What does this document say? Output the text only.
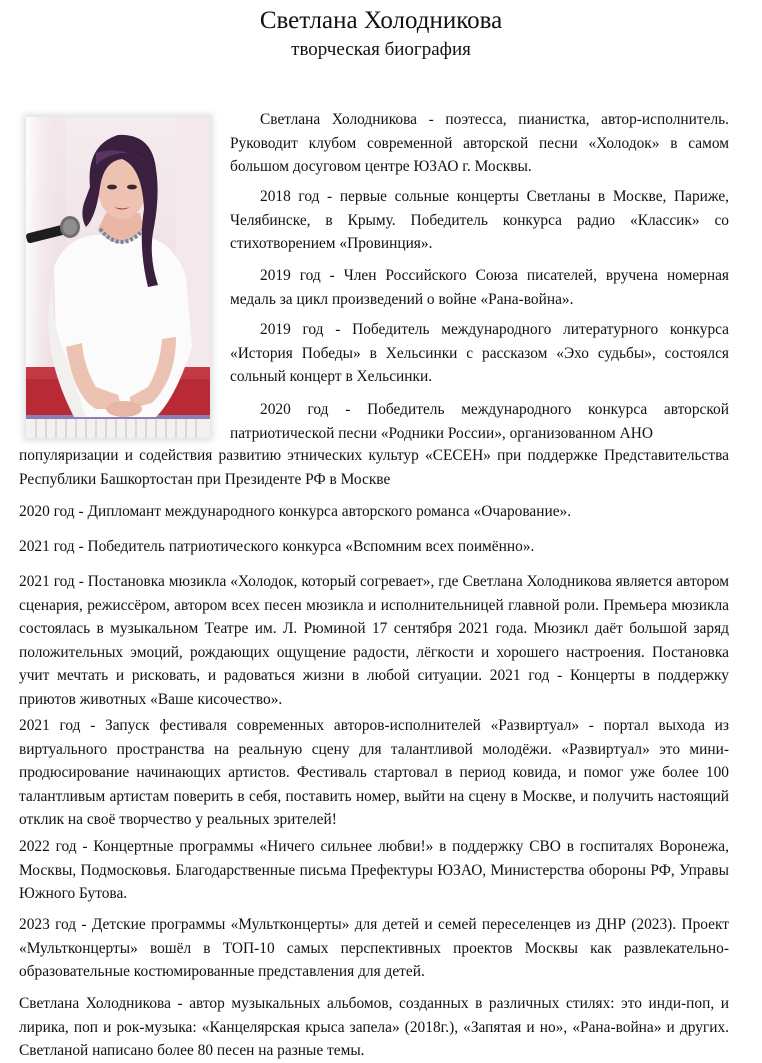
Светлана Холодникова
творческая биография

Светлана Холодникова - поэтесса, пианистка, автор-исполнитель. Руководит клубом современной авторской песни «Холодок» в самом большом досуговом центре ЮЗАО г. Москвы.

2018 год - первые сольные концерты Светланы в Москве, Париже, Челябинске, в Крыму. Победитель конкурса радио «Классик» со стихотворением «Провинция».

2019 год - Член Российского Союза писателей, вручена номерная медаль за цикл произведений о войне «Рана-война».

2019 год - Победитель международного литературного конкурса «История Победы» в Хельсинки с рассказом «Эхо судьбы», состоялся сольный концерт в Хельсинки.

2020 год - Победитель международного конкурса авторской патриотической песни «Родники России», организованном АНО

популяризации и содействия развитию этнических культур «СЕСЕН» при поддержке Представительства Республики Башкортостан при Президенте РФ в Москве

2020 год - Дипломант международного конкурса авторского романса «Очарование».

2021 год - Победитель патриотического конкурса «Вспомним всех поимённо».

2021 год - Постановка мюзикла «Холодок, который согревает», где Светлана Холодникова является автором сценария, режиссёром, автором всех песен мюзикла и исполнительницей главной роли. Премьера мюзикла состоялась в музыкальном Театре им. Л. Рюминой 17 сентября 2021 года. Мюзикл даёт большой заряд положительных эмоций, рождающих ощущение радости, лёгкости и хорошего настроения. Постановка учит мечтать и рисковать, и радоваться жизни в любой ситуации. 2021 год - Концерты в поддержку приютов животных «Ваше кисочество».

2021 год - Запуск фестиваля современных авторов-исполнителей «Развиртуал» - портал выхода из виртуального пространства на реальную сцену для талантливой молодёжи. «Развиртуал» это мини-продюсирование начинающих артистов. Фестиваль стартовал в период ковида, и помог уже более 100 талантливым артистам поверить в себя, поставить номер, выйти на сцену в Москве, и получить настоящий отклик на своё творчество у реальных зрителей!

2022 год - Концертные программы «Ничего сильнее любви!» в поддержку СВО в госпиталях Воронежа, Москвы, Подмосковья. Благодарственные письма Префектуры ЮЗАО, Министерства обороны РФ, Управы Южного Бутова.

2023 год - Детские программы «Мультконцерты» для детей и семей переселенцев из ДНР (2023). Проект «Мультконцерты» вошёл в ТОП-10 самых перспективных проектов Москвы как развлекательно-образовательные костюмированные представления для детей.

Светлана Холодникова - автор музыкальных альбомов, созданных в различных стилях: это инди-поп, и лирика, поп и рок-музыка: «Канцелярская крыса запела» (2018г.), «Запятая и но», «Рана-война» и других. Светланой написано более 80 песен на разные темы.
